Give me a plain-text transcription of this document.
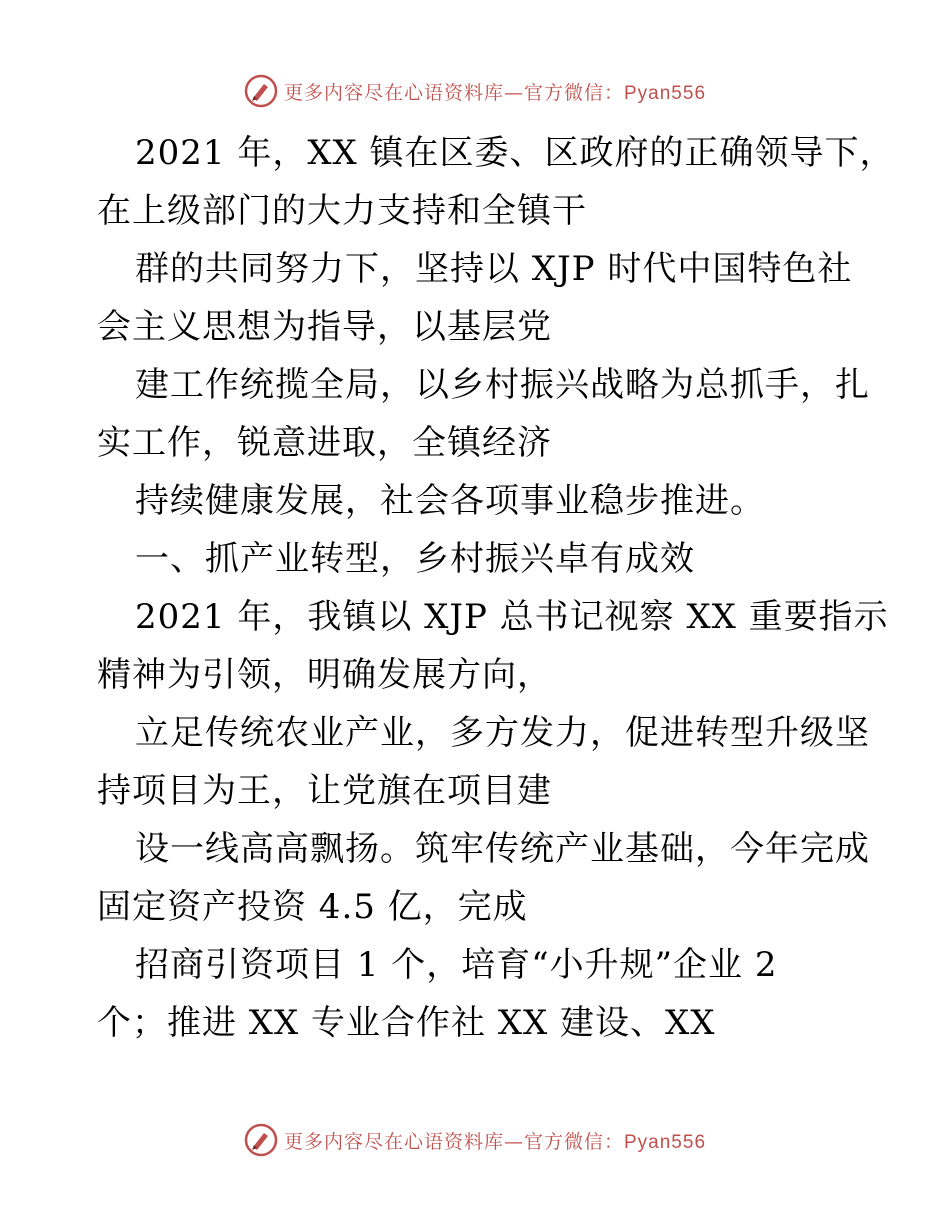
更多内容尽在心语资料库—官方微信：Pyan556
2021 年，XX 镇在区委、区政府的正确领导下，
在上级部门的大力支持和全镇干
群的共同努力下，坚持以 XJP 时代中国特色社
会主义思想为指导，以基层党
建工作统揽全局，以乡村振兴战略为总抓手，扎
实工作，锐意进取，全镇经济
持续健康发展，社会各项事业稳步推进。
一、抓产业转型，乡村振兴卓有成效
2021 年，我镇以 XJP 总书记视察 XX 重要指示
精神为引领，明确发展方向，
立足传统农业产业，多方发力，促进转型升级坚
持项目为王，让党旗在项目建
设一线高高飘扬。筑牢传统产业基础，今年完成
固定资产投资 4.5 亿，完成
招商引资项目 1 个，培育“小升规”企业 2
个；推进 XX 专业合作社 XX 建设、XX
更多内容尽在心语资料库—官方微信：Pyan556
